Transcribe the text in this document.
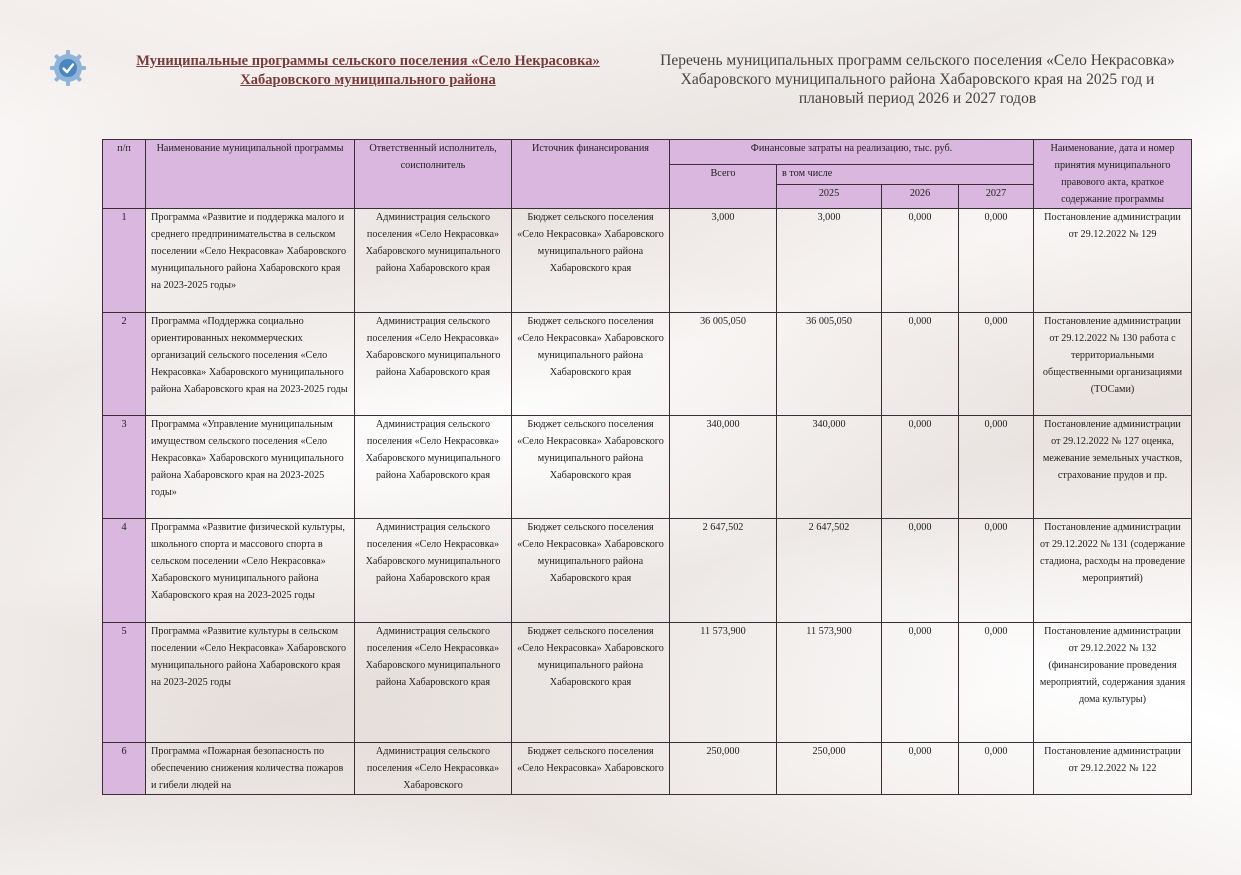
Муниципальные программы сельского поселения «Село Некрасовка»
Хабаровского муниципального района
Перечень муниципальных программ сельского поселения «Село Некрасовка»
Хабаровского муниципального района Хабаровского края на 2025 год и
плановый период 2026 и 2027 годов
п/п	Наименование муниципальной программы	Ответственный исполнитель, соисполнитель	Источник финансирования	Финансовые затраты на реализацию, тыс. руб.				Наименование, дата и номер принятия муниципального правового акта, краткое содержание программы
				Всего	в том числе			
					2025	2026	2027	
1	Программа «Развитие и поддержка малого и среднего предпринимательства в сельском поселении «Село Некрасовка» Хабаровского муниципального района Хабаровского края на 2023-2025 годы»	Администрация сельского поселения «Село Некрасовка» Хабаровского муниципального района Хабаровского края	Бюджет сельского поселения «Село Некрасовка» Хабаровского муниципального района Хабаровского края	3,000	3,000	0,000	0,000	Постановление администрации от 29.12.2022 № 129
2	Программа «Поддержка социально ориентированных некоммерческих организаций сельского поселения «Село Некрасовка» Хабаровского муниципального района Хабаровского края на 2023-2025 годы	Администрация сельского поселения «Село Некрасовка» Хабаровского муниципального района Хабаровского края	Бюджет сельского поселения «Село Некрасовка» Хабаровского муниципального района Хабаровского края	36 005,050	36 005,050	0,000	0,000	Постановление администрации от 29.12.2022 № 130 работа с территориальными общественными организациями (ТОСами)
3	Программа «Управление муниципальным имуществом сельского поселения «Село Некрасовка» Хабаровского муниципального района Хабаровского края на 2023-2025 годы»	Администрация сельского поселения «Село Некрасовка» Хабаровского муниципального района Хабаровского края	Бюджет сельского поселения «Село Некрасовка» Хабаровского муниципального района Хабаровского края	340,000	340,000	0,000	0,000	Постановление администрации от 29.12.2022 № 127 оценка, межевание земельных участков, страхование прудов и пр.
4	Программа «Развитие физической культуры, школьного спорта и массового спорта в сельском поселении «Село Некрасовка» Хабаровского муниципального района Хабаровского края на 2023-2025 годы	Администрация сельского поселения «Село Некрасовка» Хабаровского муниципального района Хабаровского края	Бюджет сельского поселения «Село Некрасовка» Хабаровского муниципального района Хабаровского края	2 647,502	2 647,502	0,000	0,000	Постановление администрации от 29.12.2022 № 131 (содержание стадиона, расходы на проведение мероприятий)
5	Программа «Развитие культуры в сельском поселении «Село Некрасовка» Хабаровского муниципального района Хабаровского края на 2023-2025 годы	Администрация сельского поселения «Село Некрасовка» Хабаровского муниципального района Хабаровского края	Бюджет сельского поселения «Село Некрасовка» Хабаровского муниципального района Хабаровского края	11 573,900	11 573,900	0,000	0,000	Постановление администрации от 29.12.2022 № 132 (финансирование проведения мероприятий, содержания здания дома культуры)
6	Программа «Пожарная безопасность по обеспечению снижения количества пожаров и гибели людей на	Администрация сельского поселения «Село Некрасовка» Хабаровского	Бюджет сельского поселения «Село Некрасовка» Хабаровского	250,000	250,000	0,000	0,000	Постановление администрации от 29.12.2022 № 122
